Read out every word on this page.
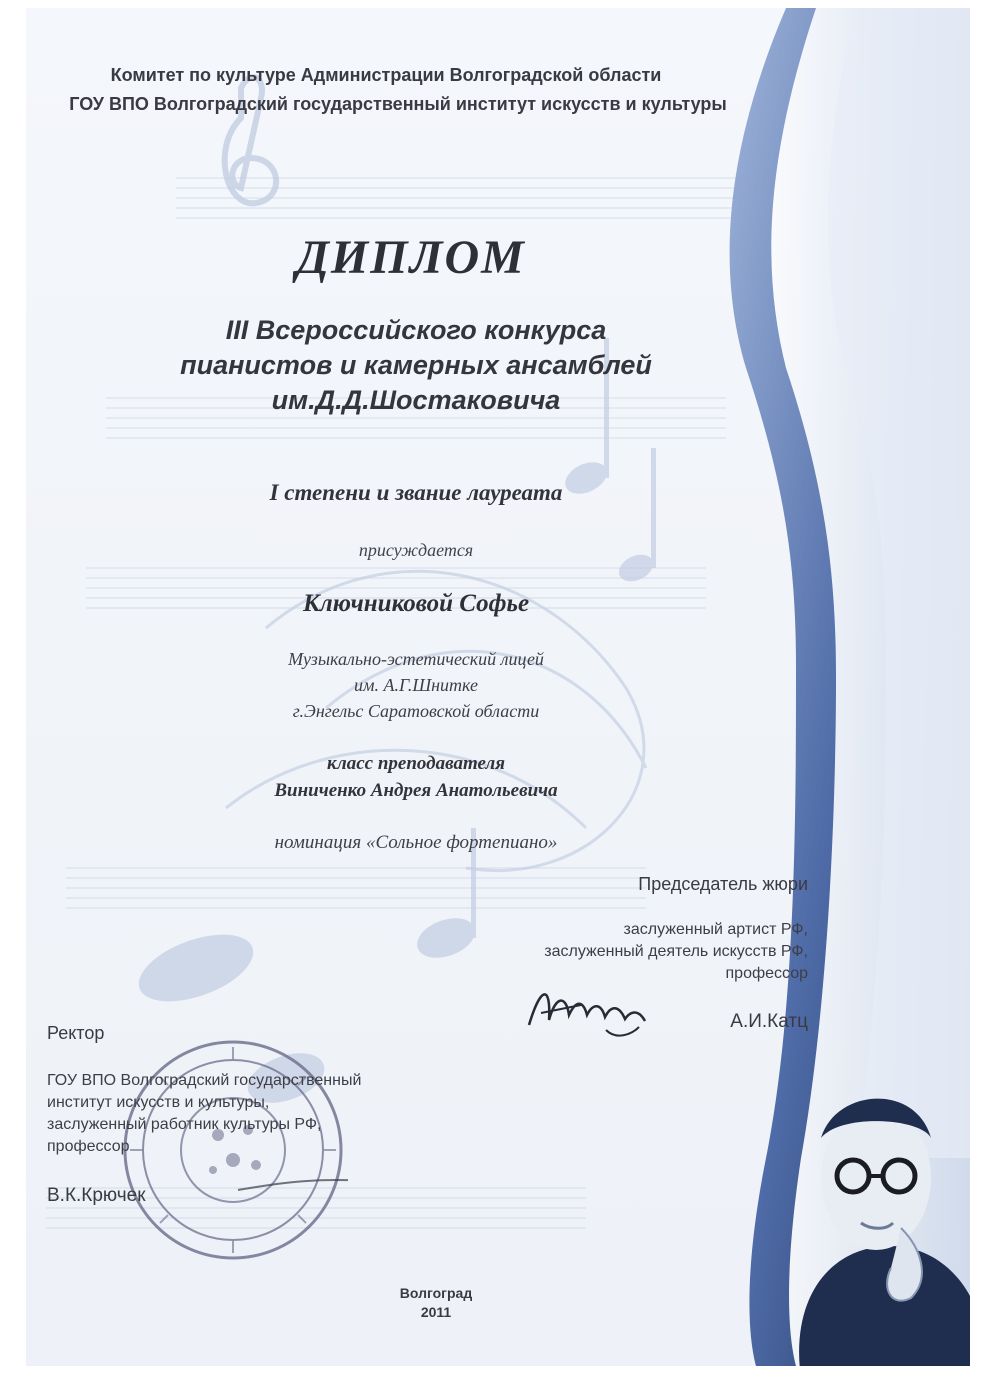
Комитет по культуре Администрации Волгоградской области
ГОУ ВПО Волгоградский государственный институт искусств и культуры
ДИПЛОМ
III Всероссийского конкурса
пианистов и камерных ансамблей
им.Д.Д.Шостаковича
I степени и звание лауреата
присуждается
Ключниковой Софье
Музыкально-эстетический лицей
им. А.Г.Шнитке
г.Энгельс Саратовской области
класс преподавателя
Виниченко Андрея Анатольевича
номинация «Сольное фортепиано»
Председатель жюри
заслуженный артист РФ,
заслуженный деятель искусств РФ,
профессор
А.И.Катц
Ректор
ГОУ ВПО Волгоградский государственный
институт искусств и культуры,
заслуженный работник культуры РФ,
профессор
В.К.Крючек
Волгоград
2011
